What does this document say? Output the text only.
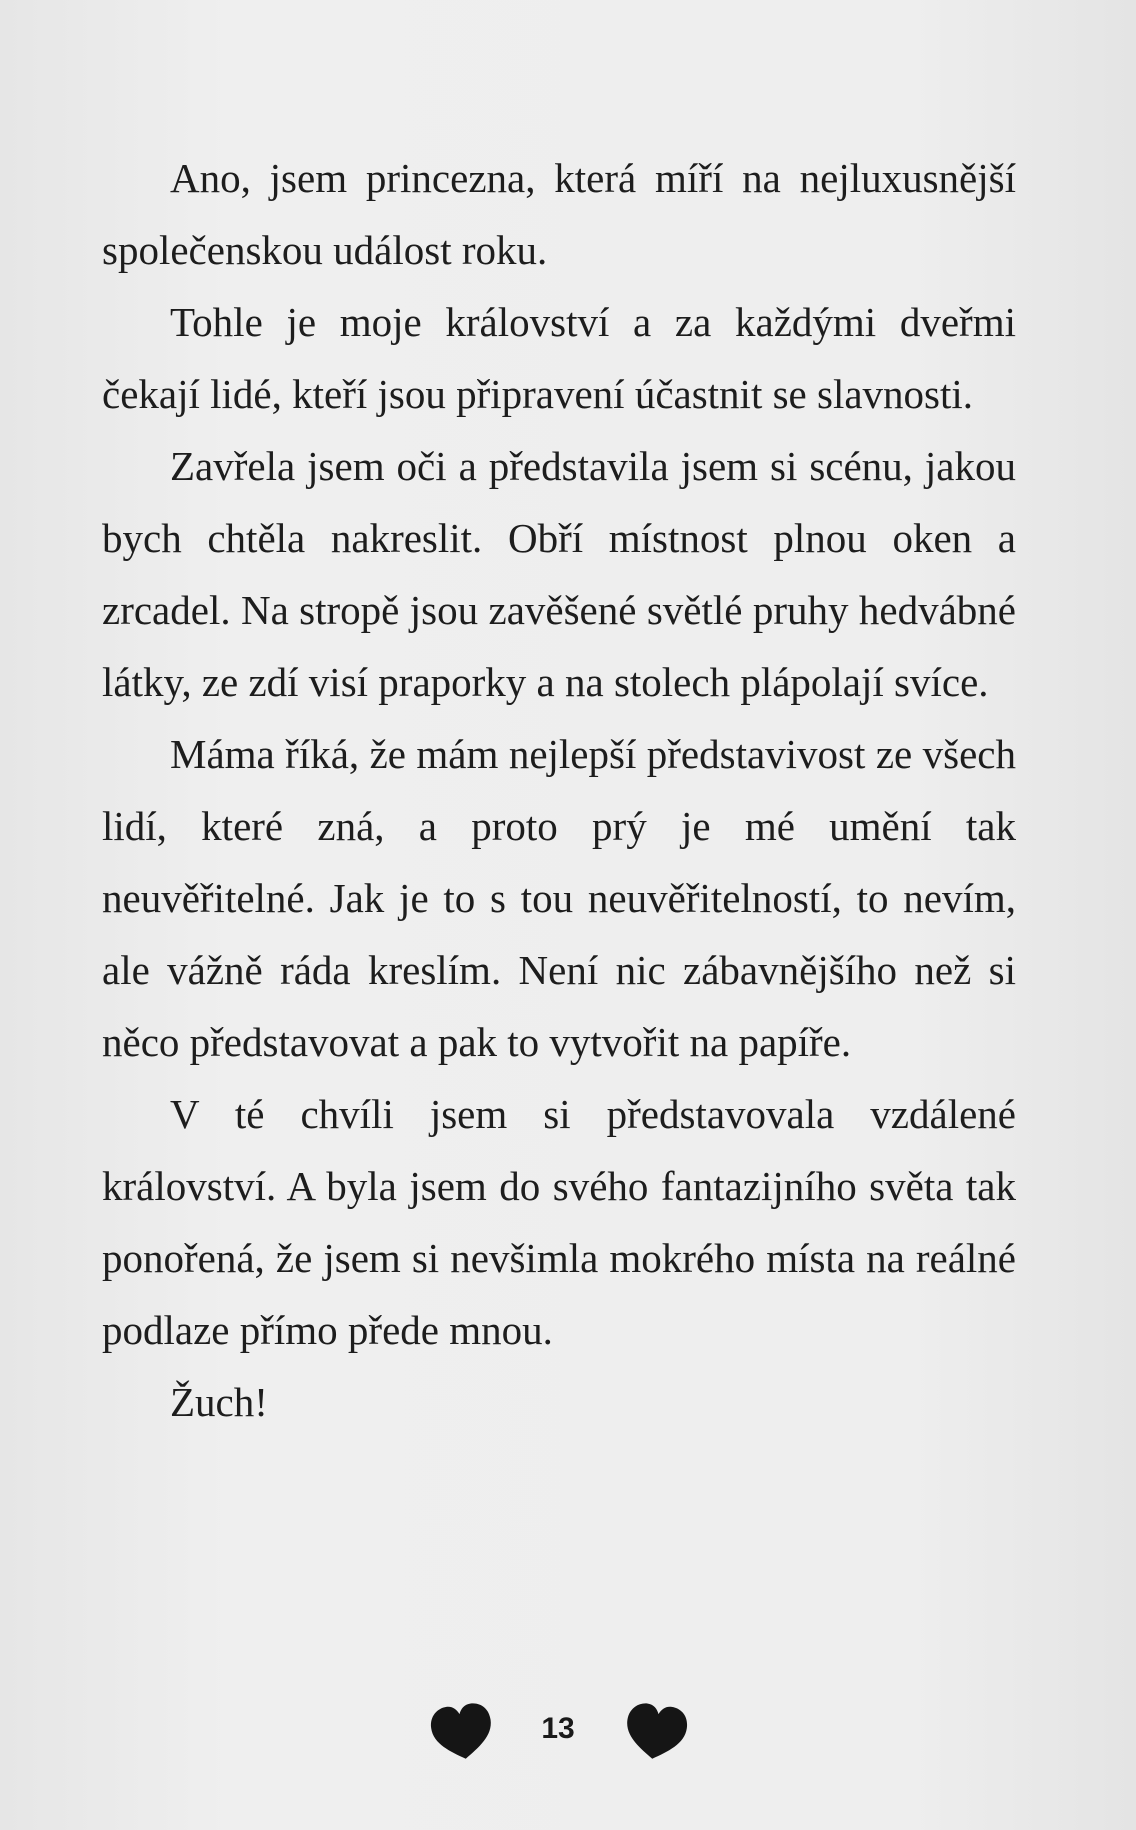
Ano, jsem princezna, která míří na nejluxusnější společenskou událost roku.

Tohle je moje království a za každými dveřmi čekají lidé, kteří jsou připravení účastnit se slavnosti.

Zavřela jsem oči a představila jsem si scénu, jakou bych chtěla nakreslit. Obří místnost plnou oken a zrcadel. Na stropě jsou zavěšené světlé pruhy hedvábné látky, ze zdí visí praporky a na stolech plápolají svíce.

Máma říká, že mám nejlepší představivost ze všech lidí, které zná, a proto prý je mé umění tak neuvěřitelné. Jak je to s tou neuvěřitelností, to nevím, ale vážně ráda kreslím. Není nic zábavnějšího než si něco představovat a pak to vytvořit na papíře.

V té chvíli jsem si představovala vzdálené království. A byla jsem do svého fantazijního světa tak ponořená, že jsem si nevšimla mokrého místa na reálné podlaze přímo přede mnou.

Žuch!

13
